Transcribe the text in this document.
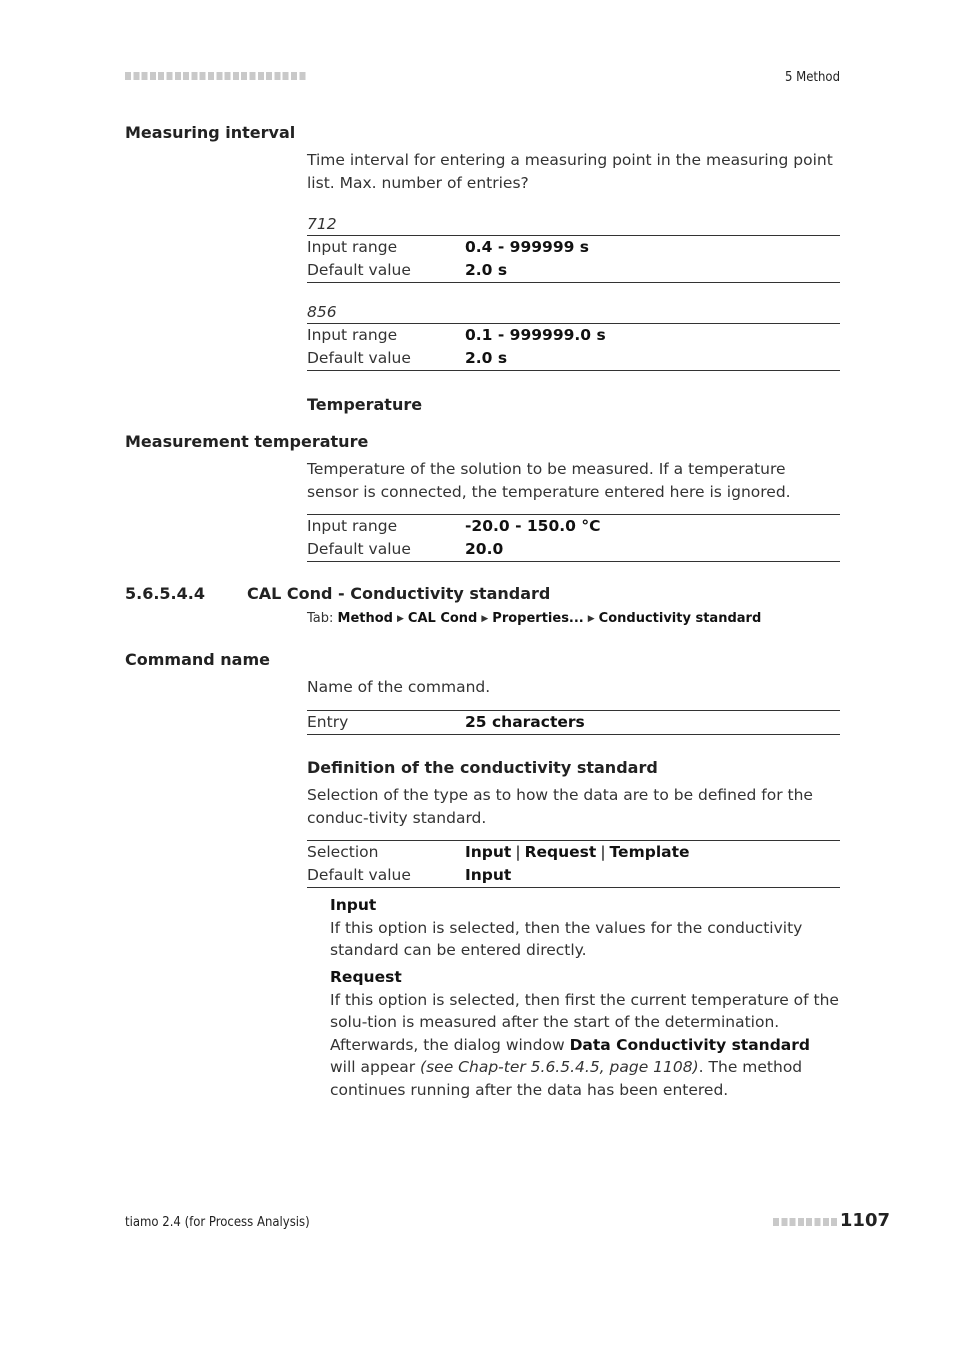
5 Method
Measuring interval
Time interval for entering a measuring point in the measuring point list. Max. number of entries?
712
Input range	0.4 - 999999 s
Default value	2.0 s
856
Input range	0.1 - 999999.0 s
Default value	2.0 s
Temperature
Measurement temperature
Temperature of the solution to be measured. If a temperature sensor is connected, the temperature entered here is ignored.
Input range	-20.0 - 150.0 °C
Default value	20.0
5.6.5.4.4	CAL Cond - Conductivity standard
Tab: Method ▶ CAL Cond ▶ Properties... ▶ Conductivity standard
Command name
Name of the command.
Entry	25 characters
Definition of the conductivity standard
Selection of the type as to how the data are to be defined for the conduc-tivity standard.
Selection	Input | Request | Template
Default value	Input
Input
If this option is selected, then the values for the conductivity standard can be entered directly.
Request
If this option is selected, then first the current temperature of the solu-tion is measured after the start of the determination. Afterwards, the dialog window Data Conductivity standard will appear (see Chap-ter 5.6.5.4.5, page 1108). The method continues running after the data has been entered.
tiamo 2.4 (for Process Analysis)	1107
